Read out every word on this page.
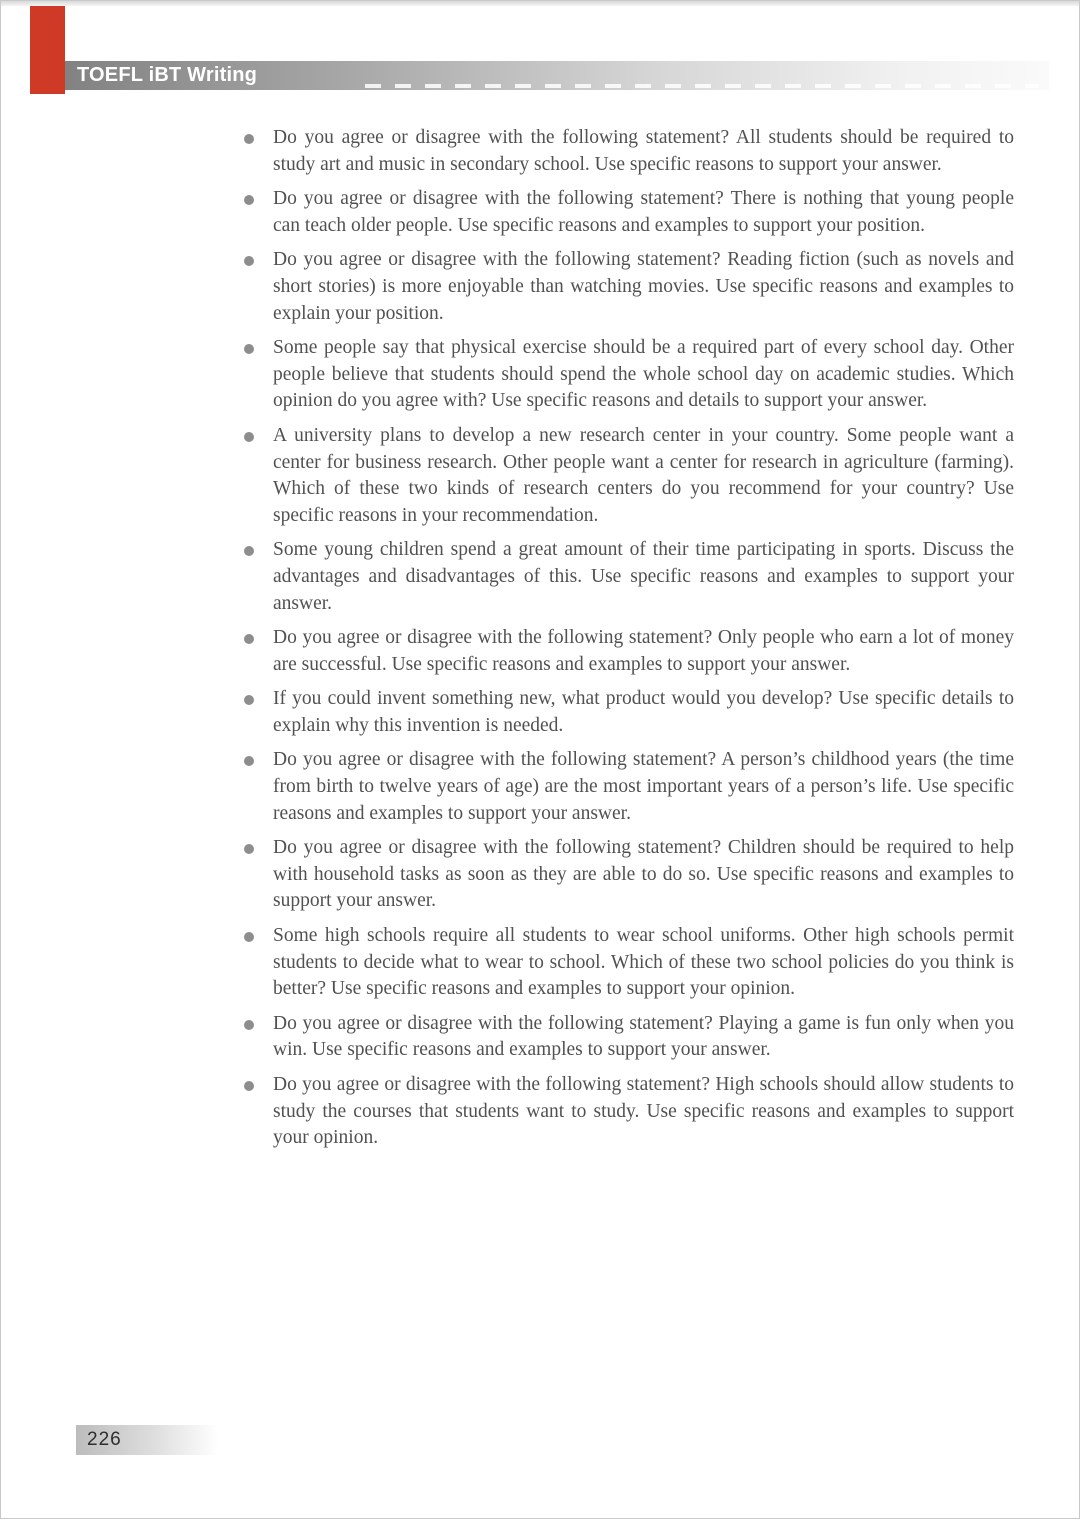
TOEFL iBT Writing
Do you agree or disagree with the following statement? All students should be required to study art and music in secondary school. Use specific reasons to support your answer.
Do you agree or disagree with the following statement? There is nothing that young people can teach older people. Use specific reasons and examples to support your position.
Do you agree or disagree with the following statement? Reading fiction (such as novels and short stories) is more enjoyable than watching movies. Use specific reasons and examples to explain your position.
Some people say that physical exercise should be a required part of every school day. Other people believe that students should spend the whole school day on academic studies. Which opinion do you agree with? Use specific reasons and details to support your answer.
A university plans to develop a new research center in your country. Some people want a center for business research. Other people want a center for research in agriculture (farming). Which of these two kinds of research centers do you recommend for your country? Use specific reasons in your recommendation.
Some young children spend a great amount of their time participating in sports. Discuss the advantages and disadvantages of this. Use specific reasons and examples to support your answer.
Do you agree or disagree with the following statement? Only people who earn a lot of money are successful. Use specific reasons and examples to support your answer.
If you could invent something new, what product would you develop? Use specific details to explain why this invention is needed.
Do you agree or disagree with the following statement? A person’s childhood years (the time from birth to twelve years of age) are the most important years of a person’s life. Use specific reasons and examples to support your answer.
Do you agree or disagree with the following statement? Children should be required to help with household tasks as soon as they are able to do so. Use specific reasons and examples to support your answer.
Some high schools require all students to wear school uniforms. Other high schools permit students to decide what to wear to school. Which of these two school policies do you think is better? Use specific reasons and examples to support your opinion.
Do you agree or disagree with the following statement? Playing a game is fun only when you win. Use specific reasons and examples to support your answer.
Do you agree or disagree with the following statement? High schools should allow students to study the courses that students want to study. Use specific reasons and examples to support your opinion.
226
